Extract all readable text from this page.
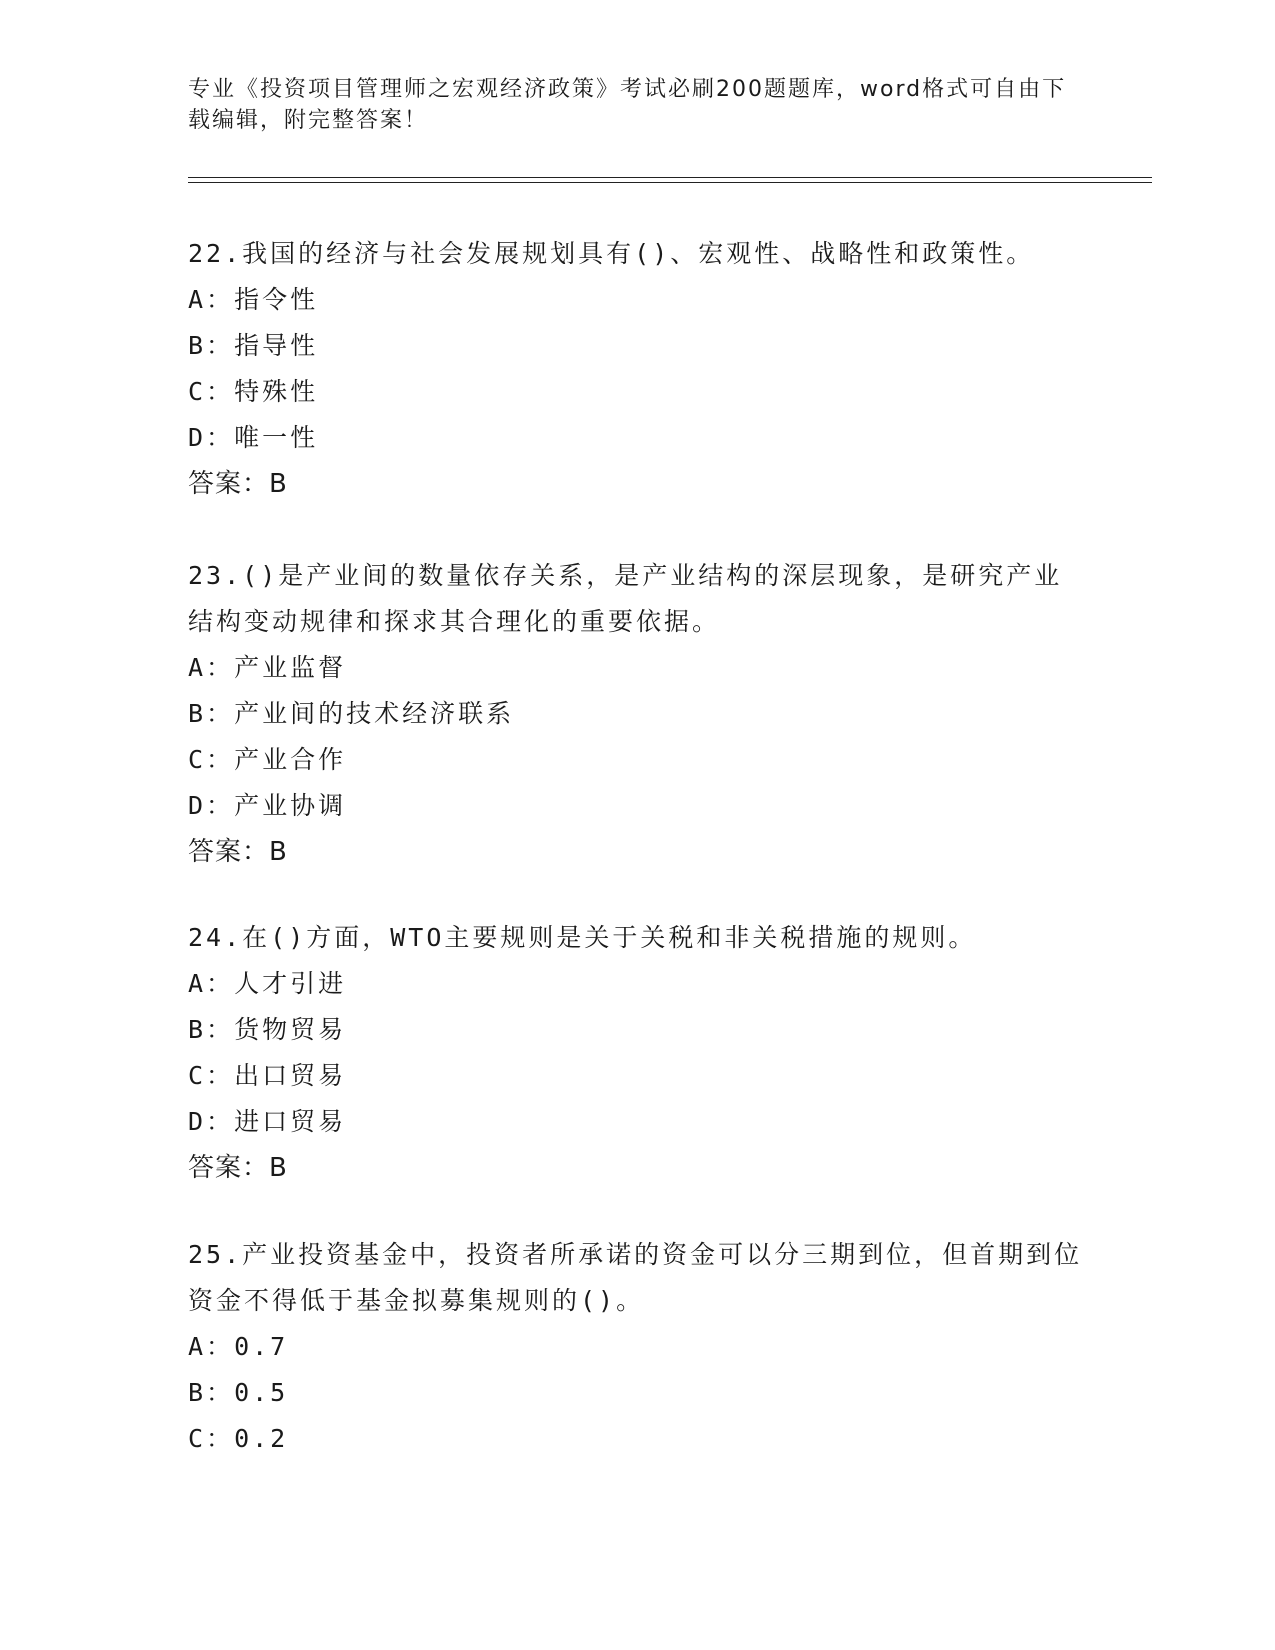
专业《投资项目管理师之宏观经济政策》考试必刷200题题库，word格式可自由下载编辑，附完整答案！

22.我国的经济与社会发展规划具有()、宏观性、战略性和政策性。

A： 指令性

B： 指导性

C： 特殊性

D： 唯一性

答案：B

23.()是产业间的数量依存关系，是产业结构的深层现象，是研究产业结构变动规律和探求其合理化的重要依据。

A： 产业监督

B： 产业间的技术经济联系

C： 产业合作

D： 产业协调

答案：B

24.在()方面，WTO主要规则是关于关税和非关税措施的规则。

A： 人才引进

B： 货物贸易

C： 出口贸易

D： 进口贸易

答案：B

25.产业投资基金中，投资者所承诺的资金可以分三期到位，但首期到位资金不得低于基金拟募集规则的()。

A： 0.7

B： 0.5

C： 0.2
